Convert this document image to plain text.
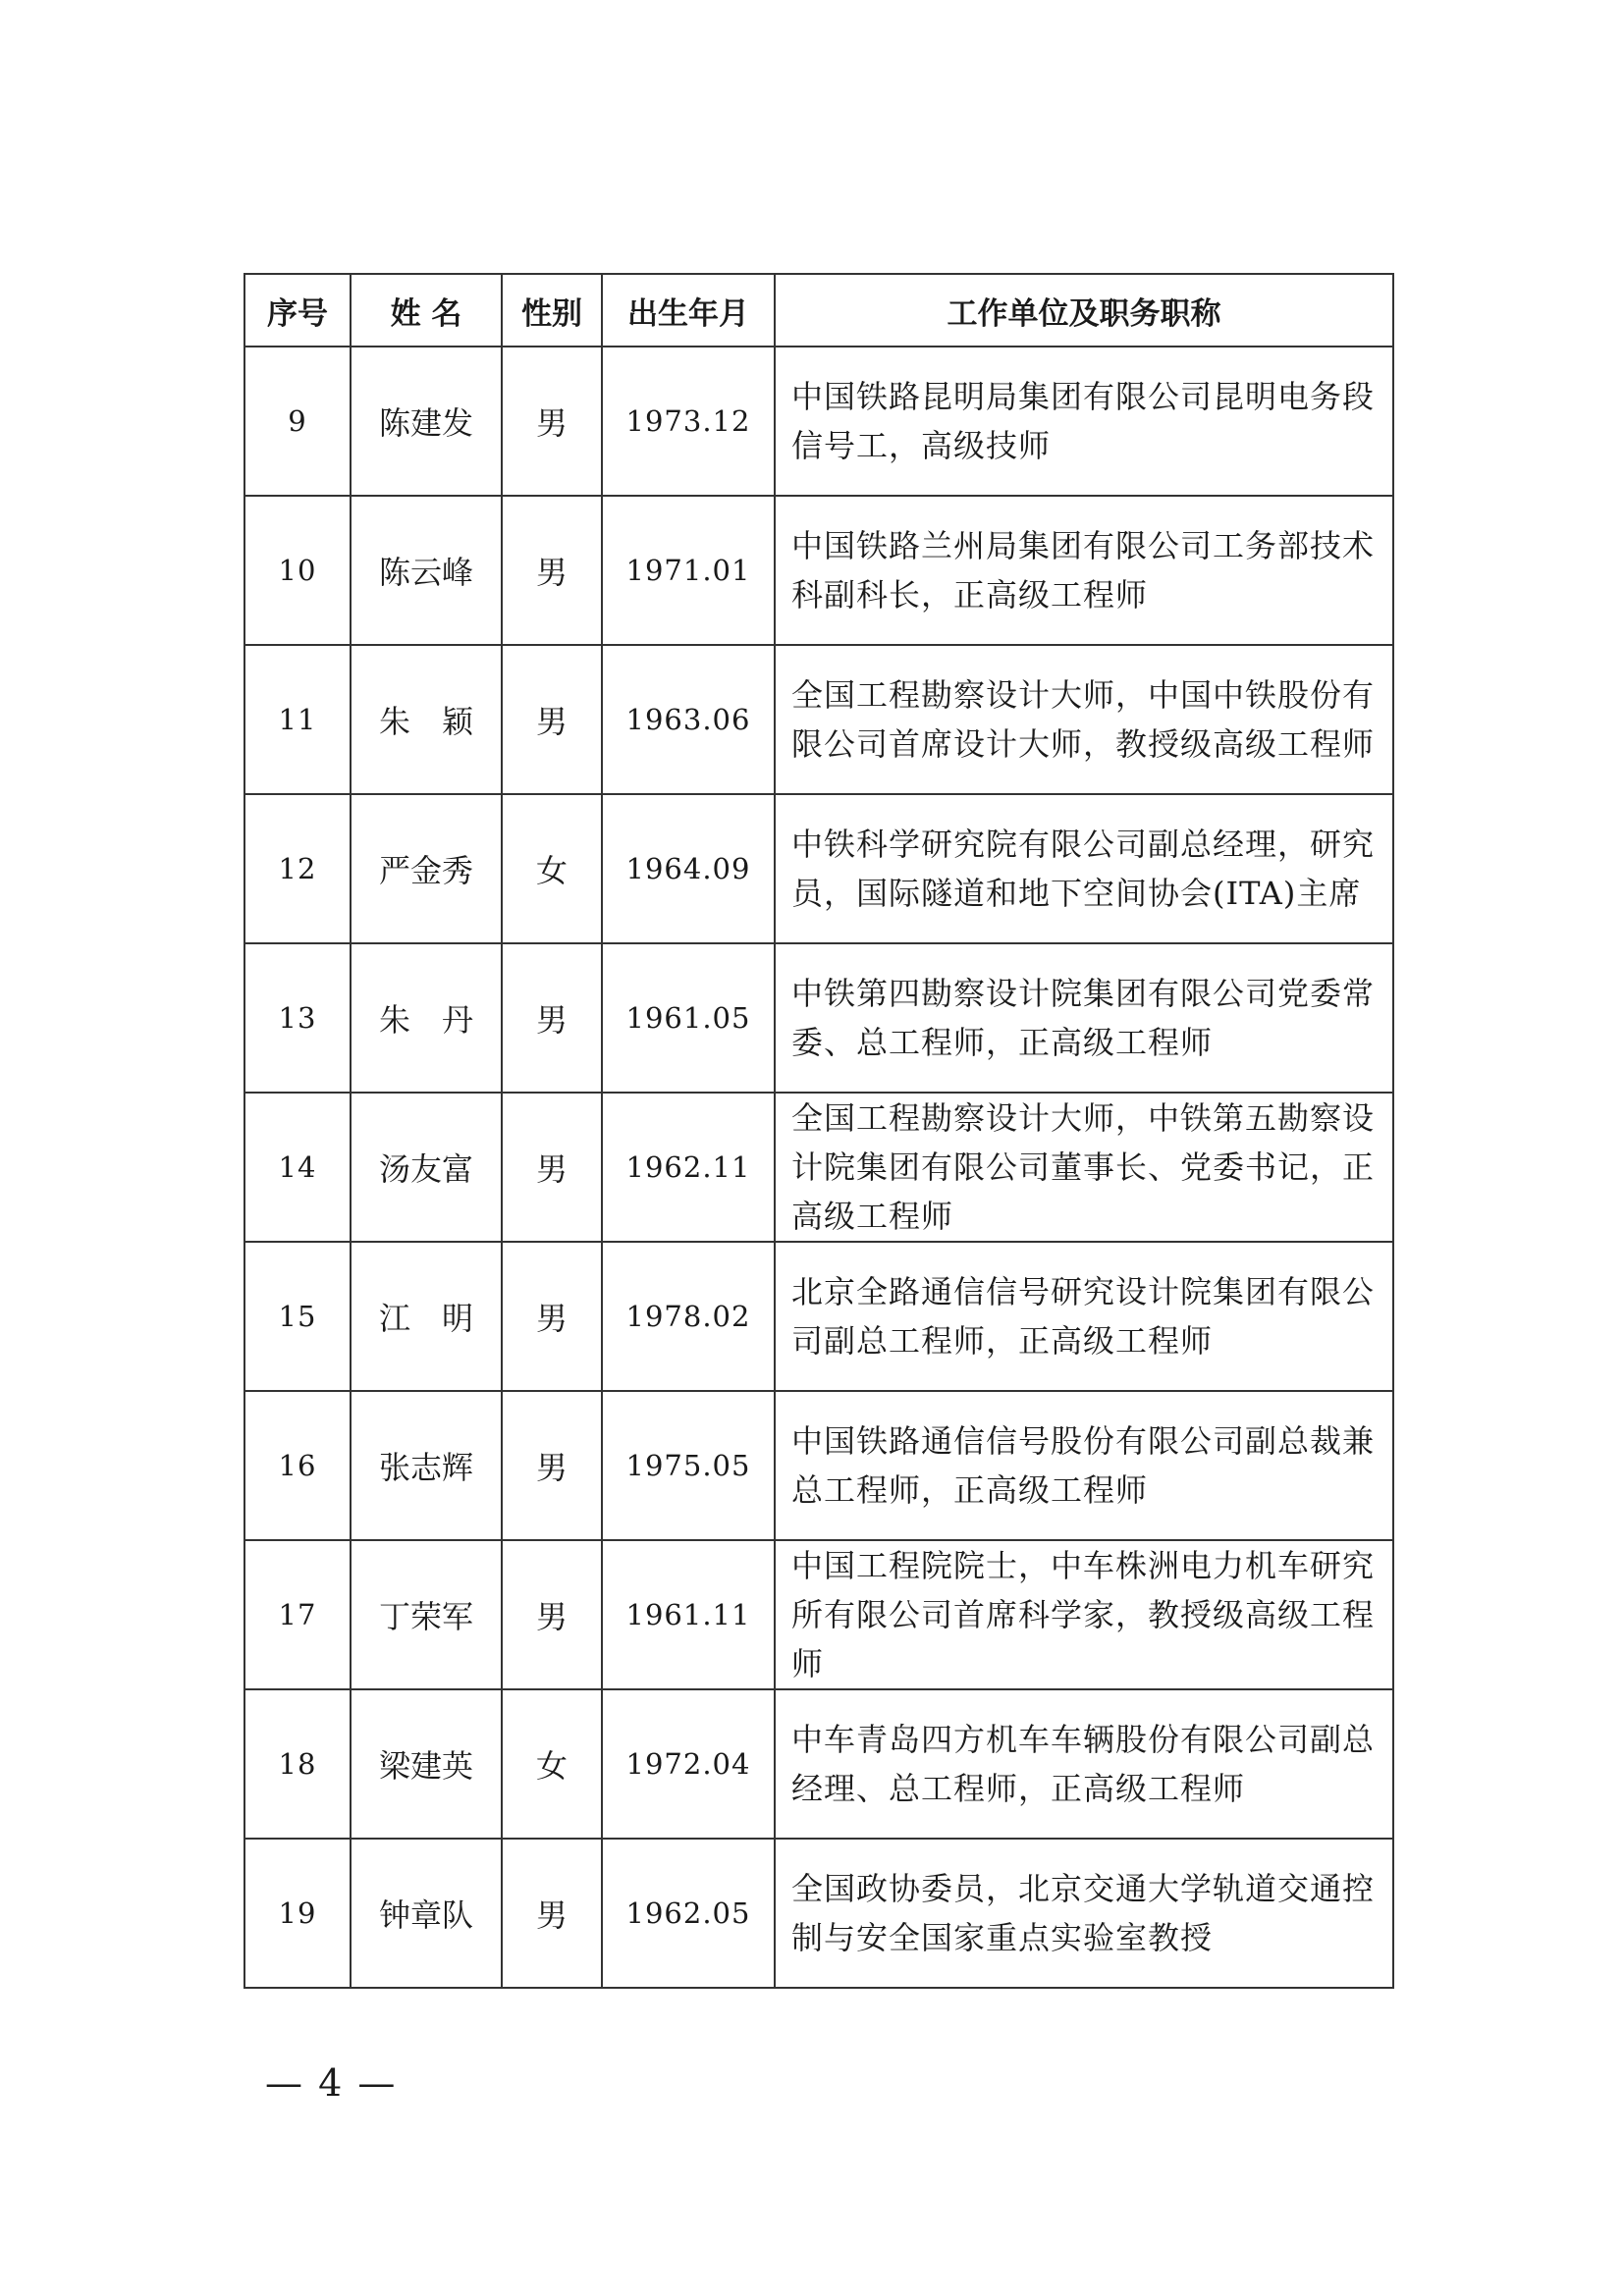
序号	姓 名	性别	出生年月	工作单位及职务职称
9	陈建发	男	1973.12	中国铁路昆明局集团有限公司昆明电务段信号工，高级技师
10	陈云峰	男	1971.01	中国铁路兰州局集团有限公司工务部技术科副科长，正高级工程师
11	朱　颖	男	1963.06	全国工程勘察设计大师，中国中铁股份有限公司首席设计大师，教授级高级工程师
12	严金秀	女	1964.09	中铁科学研究院有限公司副总经理，研究员，国际隧道和地下空间协会(ITA)主席
13	朱　丹	男	1961.05	中铁第四勘察设计院集团有限公司党委常委、总工程师，正高级工程师
14	汤友富	男	1962.11	全国工程勘察设计大师，中铁第五勘察设计院集团有限公司董事长、党委书记，正高级工程师
15	江　明	男	1978.02	北京全路通信信号研究设计院集团有限公司副总工程师，正高级工程师
16	张志辉	男	1975.05	中国铁路通信信号股份有限公司副总裁兼总工程师，正高级工程师
17	丁荣军	男	1961.11	中国工程院院士，中车株洲电力机车研究所有限公司首席科学家，教授级高级工程师
18	梁建英	女	1972.04	中车青岛四方机车车辆股份有限公司副总经理、总工程师，正高级工程师
19	钟章队	男	1962.05	全国政协委员，北京交通大学轨道交通控制与安全国家重点实验室教授
— 4 —
